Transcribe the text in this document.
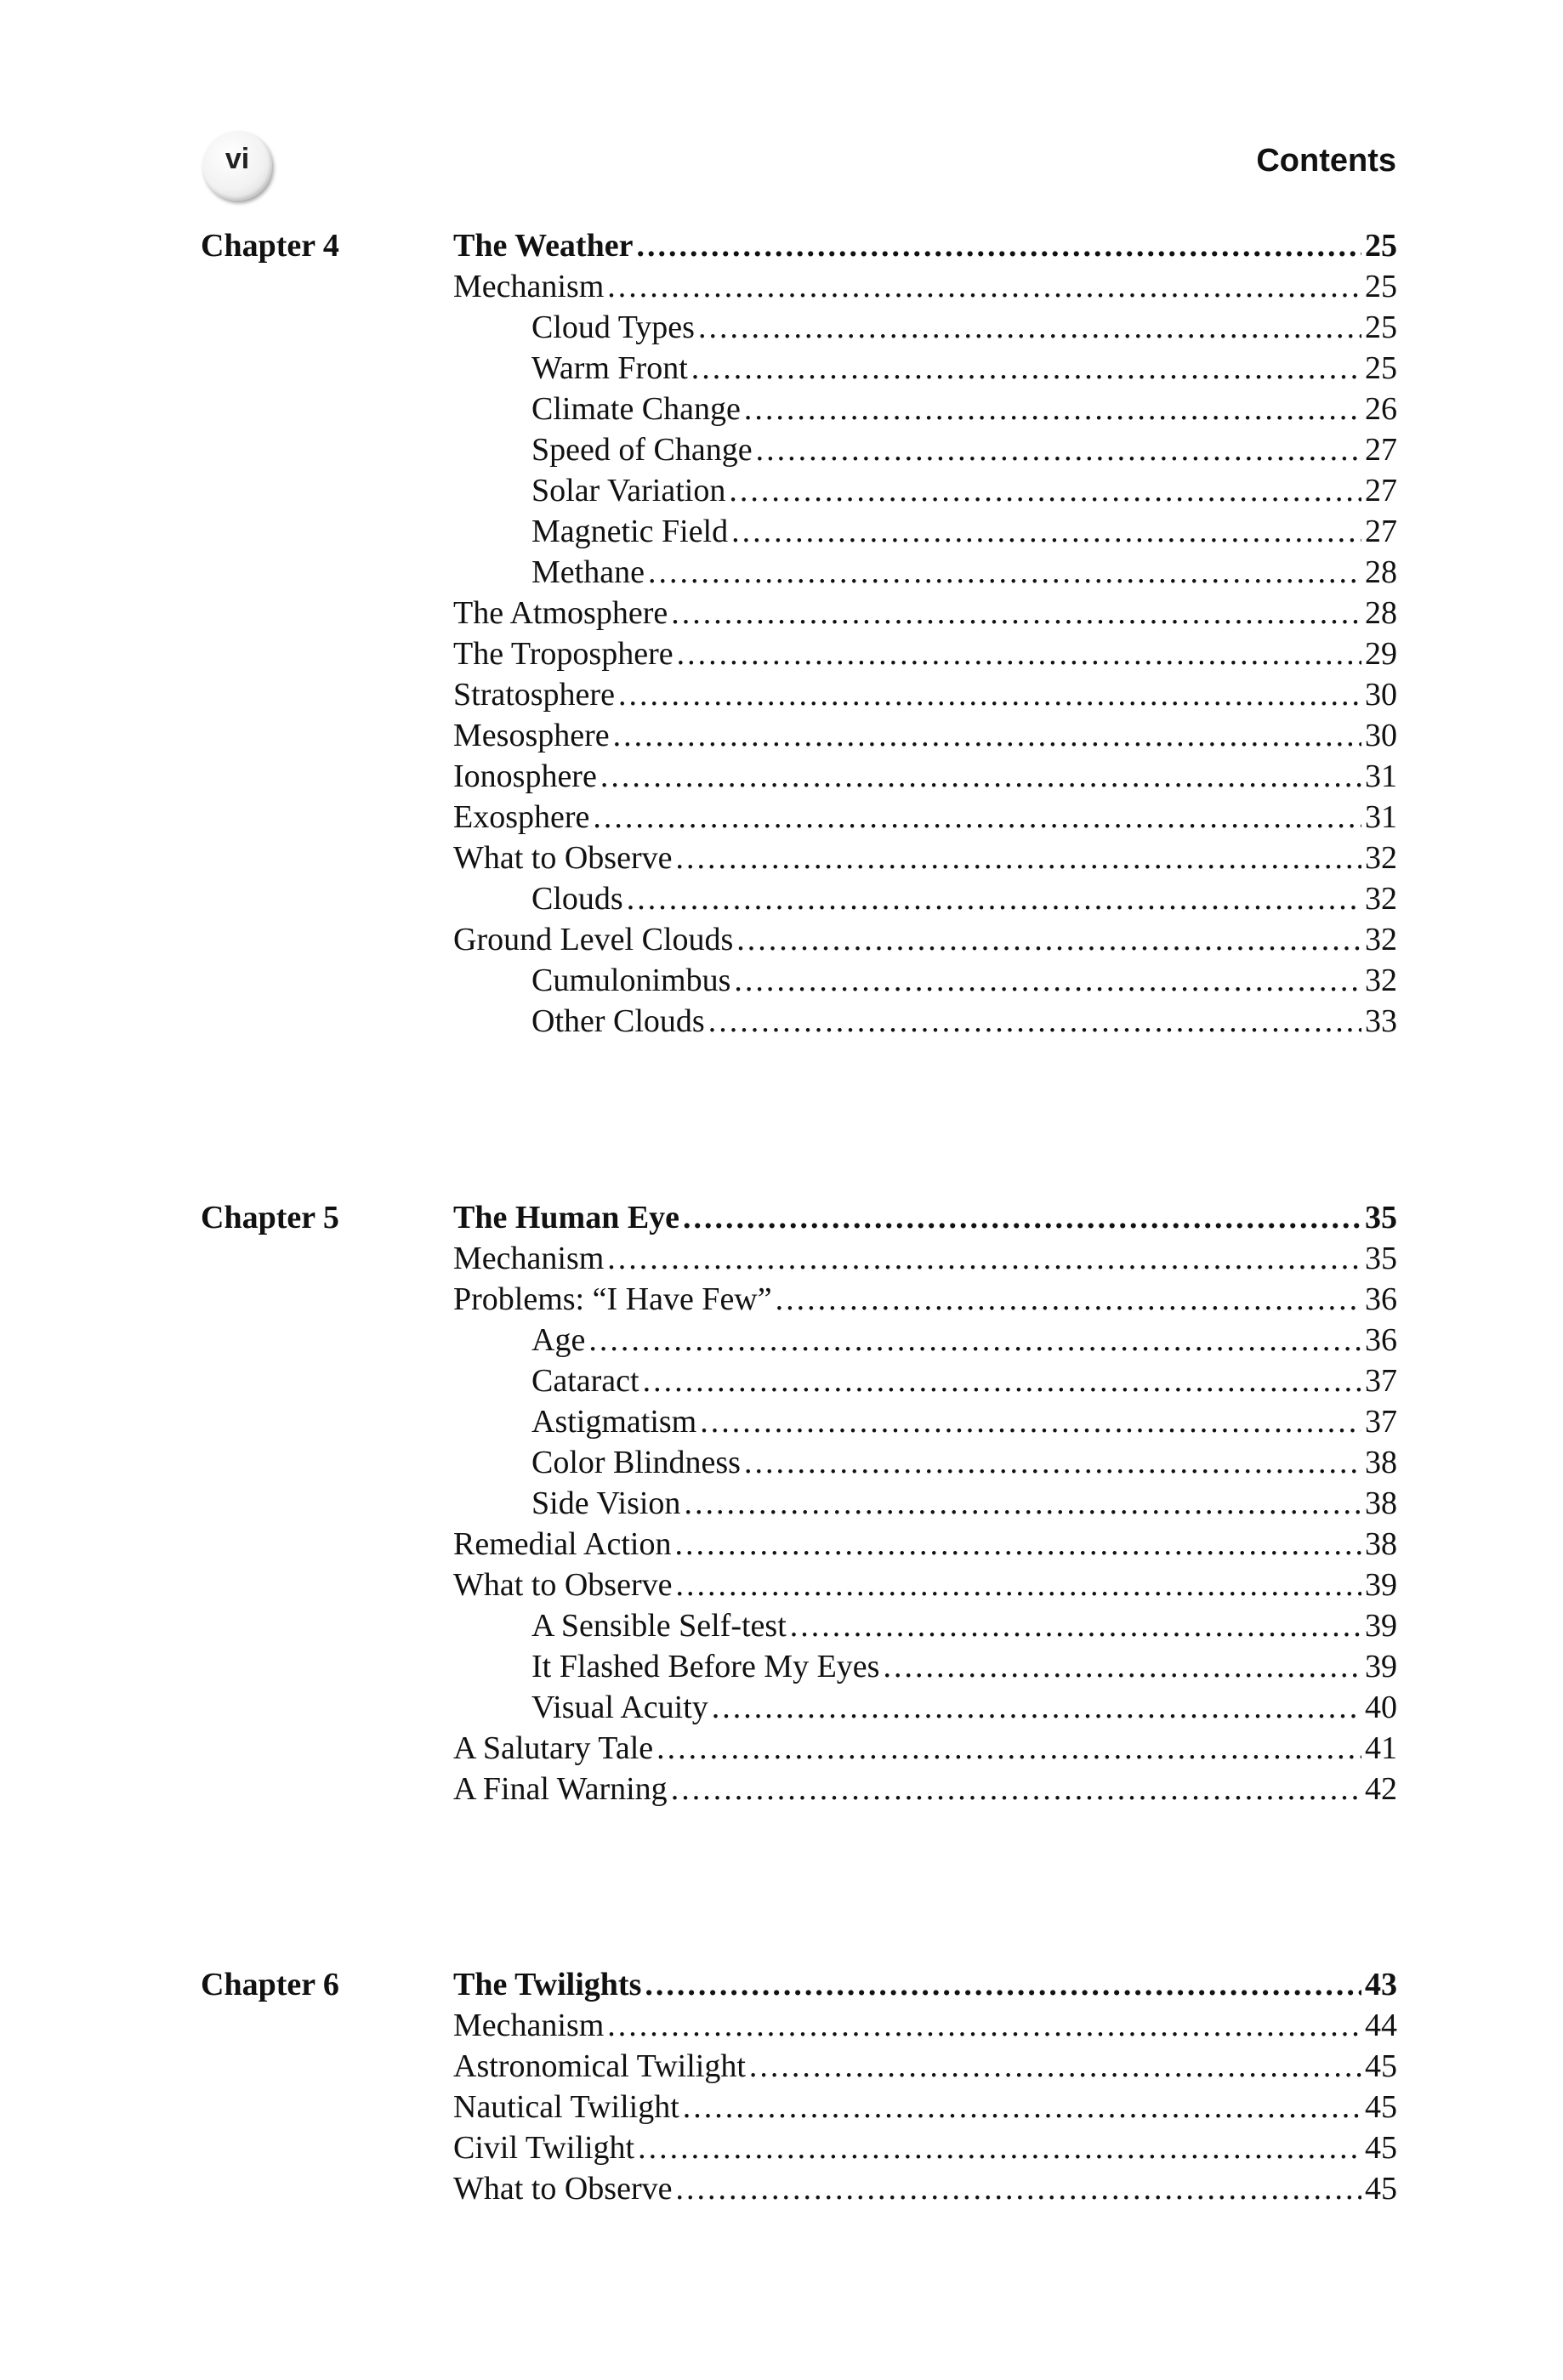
vi	Contents
Chapter 4	The Weather .....	25
Mechanism .....	25
Cloud Types .....	25
Warm Front .....	25
Climate Change .....	26
Speed of Change .....	27
Solar Variation .....	27
Magnetic Field .....	27
Methane .....	28
The Atmosphere .....	28
The Troposphere .....	29
Stratosphere .....	30
Mesosphere .....	30
Ionosphere .....	31
Exosphere .....	31
What to Observe .....	32
Clouds .....	32
Ground Level Clouds .....	32
Cumulonimbus .....	32
Other Clouds .....	33
Chapter 5	The Human Eye .....	35
Mechanism .....	35
Problems: “I Have Few” .....	36
Age .....	36
Cataract .....	37
Astigmatism .....	37
Color Blindness .....	38
Side Vision .....	38
Remedial Action .....	38
What to Observe .....	39
A Sensible Self-test .....	39
It Flashed Before My Eyes .....	39
Visual Acuity .....	40
A Salutary Tale .....	41
A Final Warning .....	42
Chapter 6	The Twilights .....	43
Mechanism .....	44
Astronomical Twilight .....	45
Nautical Twilight .....	45
Civil Twilight .....	45
What to Observe .....	45
